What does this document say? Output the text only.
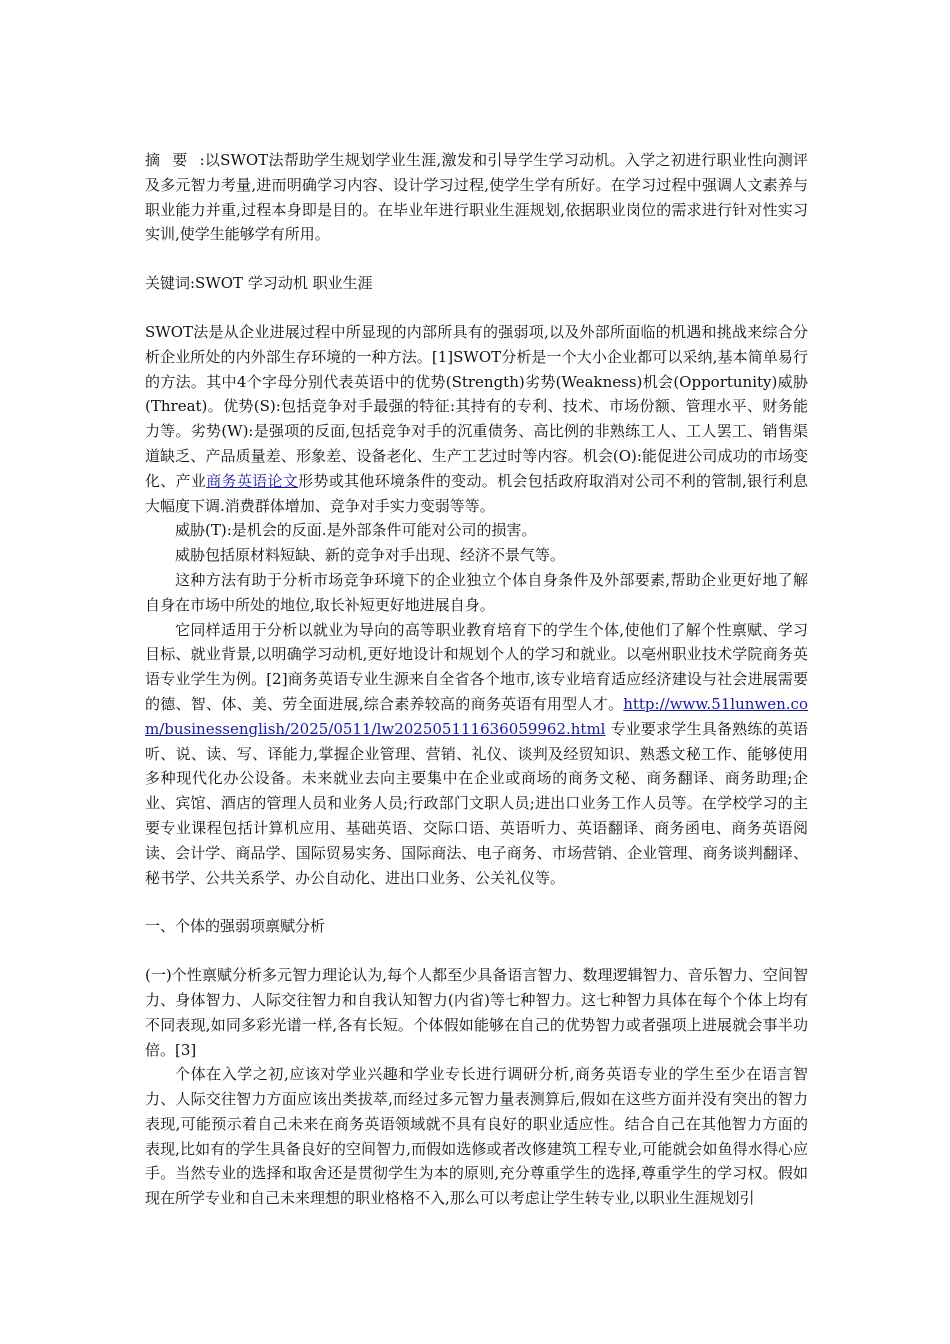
摘要:以SWOT法帮助学生规划学业生涯,激发和引导学生学习动机。入学之初进行职业性向测评及多元智力考量,进而明确学习内容、设计学习过程,使学生学有所好。在学习过程中强调人文素养与职业能力并重,过程本身即是目的。在毕业年进行职业生涯规划,依据职业岗位的需求进行针对性实习实训,使学生能够学有所用。

关键词:SWOT 学习动机 职业生涯

SWOT法是从企业进展过程中所显现的内部所具有的强弱项,以及外部所面临的机遇和挑战来综合分析企业所处的内外部生存环境的一种方法。[1]SWOT分析是一个大小企业都可以采纳,基本简单易行的方法。其中4个字母分别代表英语中的优势(Strength)劣势(Weakness)机会(Opportunity)威胁(Threat)。优势(S):包括竞争对手最强的特征:其持有的专利、技术、市场份额、管理水平、财务能力等。劣势(W):是强项的反面,包括竞争对手的沉重债务、高比例的非熟练工人、工人罢工、销售渠道缺乏、产品质量差、形象差、设备老化、生产工艺过时等内容。机会(O):能促进公司成功的市场变化、产业商务英语论文形势或其他环境条件的变动。机会包括政府取消对公司不利的管制,银行利息大幅度下调.消费群体增加、竞争对手实力变弱等等。

威胁(T):是机会的反面.是外部条件可能对公司的损害。

威胁包括原材料短缺、新的竞争对手出现、经济不景气等。

这种方法有助于分析市场竞争环境下的企业独立个体自身条件及外部要素,帮助企业更好地了解自身在市场中所处的地位,取长补短更好地进展自身。

它同样适用于分析以就业为导向的高等职业教育培育下的学生个体,使他们了解个性禀赋、学习目标、就业背景,以明确学习动机,更好地设计和规划个人的学习和就业。以亳州职业技术学院商务英语专业学生为例。[2]商务英语专业生源来自全省各个地市,该专业培育适应经济建设与社会进展需要的德、智、体、美、劳全面进展,综合素养较高的商务英语有用型人才。http://www.51lunwen.com/businessenglish/2025/0511/lw202505111636059962.html 专业要求学生具备熟练的英语听、说、读、写、译能力,掌握企业管理、营销、礼仪、谈判及经贸知识、熟悉文秘工作、能够使用多种现代化办公设备。未来就业去向主要集中在企业或商场的商务文秘、商务翻译、商务助理;企业、宾馆、酒店的管理人员和业务人员;行政部门文职人员;进出口业务工作人员等。在学校学习的主要专业课程包括计算机应用、基础英语、交际口语、英语听力、英语翻译、商务函电、商务英语阅读、会计学、商品学、国际贸易实务、国际商法、电子商务、市场营销、企业管理、商务谈判翻译、秘书学、公共关系学、办公自动化、进出口业务、公关礼仪等。

一、个体的强弱项禀赋分析

(一)个性禀赋分析多元智力理论认为,每个人都至少具备语言智力、数理逻辑智力、音乐智力、空间智力、身体智力、人际交往智力和自我认知智力(内省)等七种智力。这七种智力具体在每个个体上均有不同表现,如同多彩光谱一样,各有长短。个体假如能够在自己的优势智力或者强项上进展就会事半功倍。[3]

个体在入学之初,应该对学业兴趣和学业专长进行调研分析,商务英语专业的学生至少在语言智力、人际交往智力方面应该出类拔萃,而经过多元智力量表测算后,假如在这些方面并没有突出的智力表现,可能预示着自己未来在商务英语领域就不具有良好的职业适应性。结合自己在其他智力方面的表现,比如有的学生具备良好的空间智力,而假如选修或者改修建筑工程专业,可能就会如鱼得水得心应手。当然专业的选择和取舍还是贯彻学生为本的原则,充分尊重学生的选择,尊重学生的学习权。假如现在所学专业和自己未来理想的职业格格不入,那么可以考虑让学生转专业,以职业生涯规划引
